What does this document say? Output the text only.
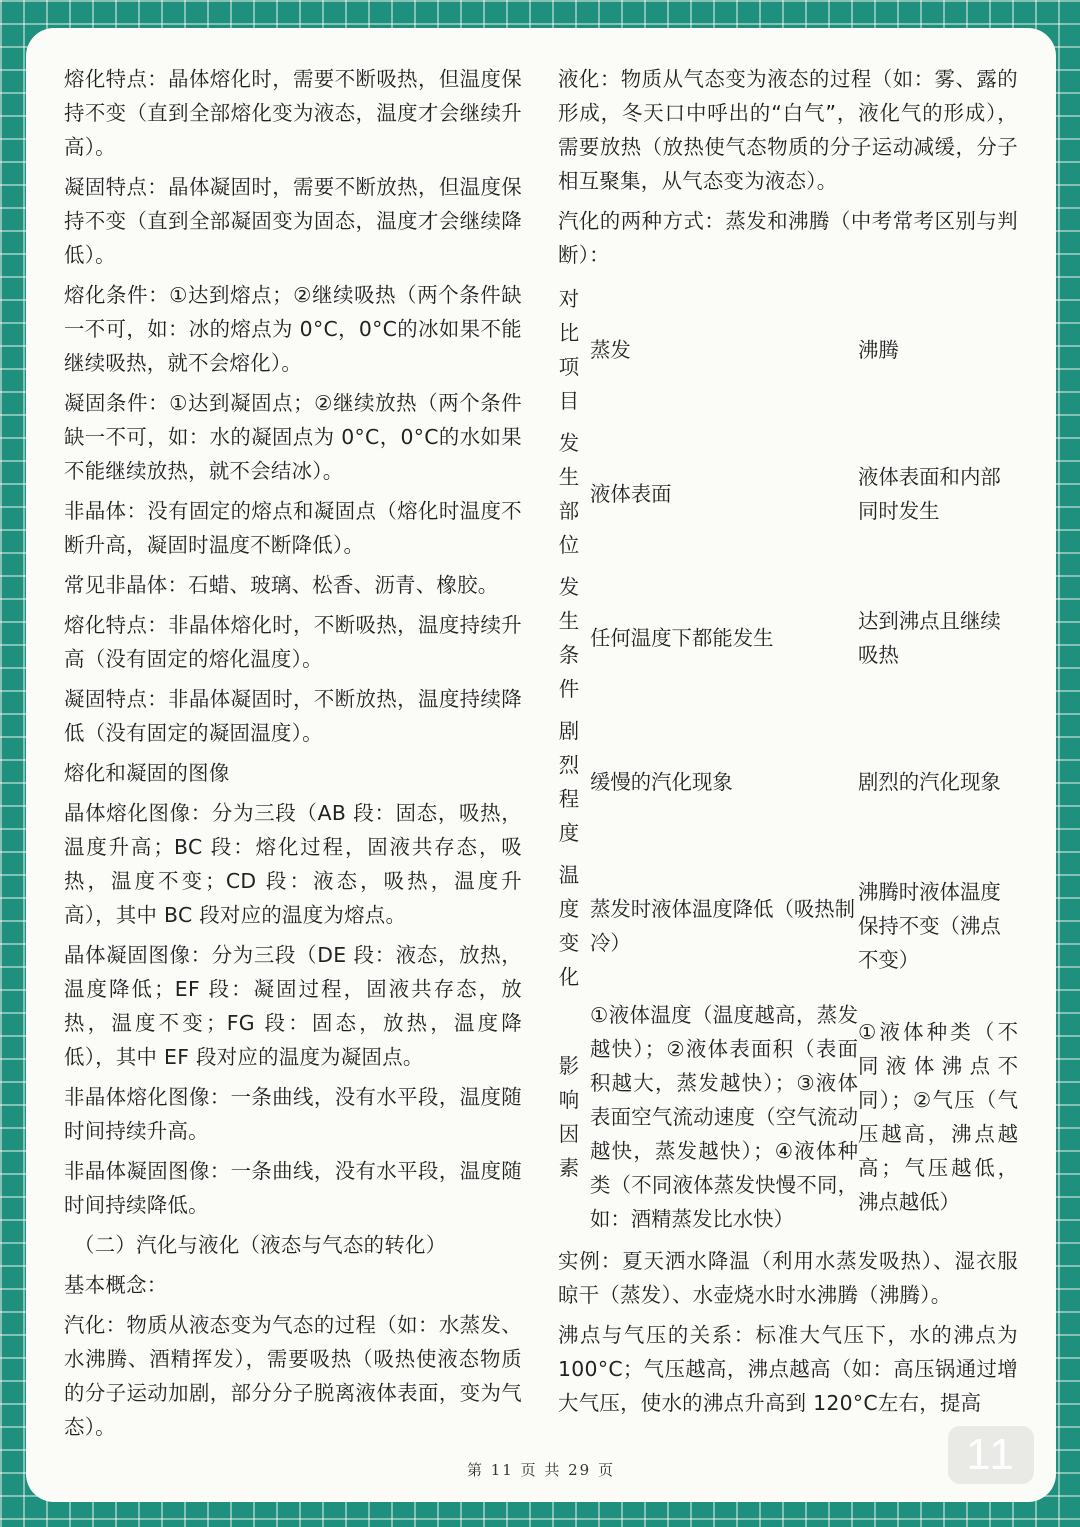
熔化特点：晶体熔化时，需要不断吸热，但温度保持不变（直到全部熔化变为液态，温度才会继续升高）。

凝固特点：晶体凝固时，需要不断放热，但温度保持不变（直到全部凝固变为固态，温度才会继续降低）。

熔化条件：①达到熔点；②继续吸热（两个条件缺一不可，如：冰的熔点为 0°C，0°C的冰如果不能继续吸热，就不会熔化）。

凝固条件：①达到凝固点；②继续放热（两个条件缺一不可，如：水的凝固点为 0°C，0°C的水如果不能继续放热，就不会结冰）。

非晶体：没有固定的熔点和凝固点（熔化时温度不断升高，凝固时温度不断降低）。

常见非晶体：石蜡、玻璃、松香、沥青、橡胶。

熔化特点：非晶体熔化时，不断吸热，温度持续升高（没有固定的熔化温度）。

凝固特点：非晶体凝固时，不断放热，温度持续降低（没有固定的凝固温度）。

熔化和凝固的图像

晶体熔化图像：分为三段（AB 段：固态，吸热，温度升高；BC 段：熔化过程，固液共存态，吸热，温度不变；CD 段：液态，吸热，温度升高），其中 BC 段对应的温度为熔点。

晶体凝固图像：分为三段（DE 段：液态，放热，温度降低；EF 段：凝固过程，固液共存态，放热，温度不变；FG 段：固态，放热，温度降低），其中 EF 段对应的温度为凝固点。

非晶体熔化图像：一条曲线，没有水平段，温度随时间持续升高。

非晶体凝固图像：一条曲线，没有水平段，温度随时间持续降低。

（二）汽化与液化（液态与气态的转化）

基本概念：

汽化：物质从液态变为气态的过程（如：水蒸发、水沸腾、酒精挥发），需要吸热（吸热使液态物质的分子运动加剧，部分分子脱离液体表面，变为气态）。

液化：物质从气态变为液态的过程（如：雾、露的形成，冬天口中呼出的“白气”，液化气的形成），需要放热（放热使气态物质的分子运动减缓，分子相互聚集，从气态变为液态）。

汽化的两种方式：蒸发和沸腾（中考常考区别与判断）：

对比项目	蒸发	沸腾
发生部位	液体表面	液体表面和内部同时发生
发生条件	任何温度下都能发生	达到沸点且继续吸热
剧烈程度	缓慢的汽化现象	剧烈的汽化现象
温度变化	蒸发时液体温度降低（吸热制冷）	沸腾时液体温度保持不变（沸点不变）
影响因素	①液体温度（温度越高，蒸发越快）；②液体表面积（表面积越大，蒸发越快）；③液体表面空气流动速度（空气流动越快，蒸发越快）；④液体种类（不同液体蒸发快慢不同，如：酒精蒸发比水快）	①液体种类（不同液体沸点不同）；②气压（气压越高，沸点越高；气压越低，沸点越低）

实例：夏天洒水降温（利用水蒸发吸热）、湿衣服晾干（蒸发）、水壶烧水时水沸腾（沸腾）。

沸点与气压的关系：标准大气压下，水的沸点为 100°C；气压越高，沸点越高（如：高压锅通过增大气压，使水的沸点升高到 120°C左右，提高

第 11 页 共 29 页	11
